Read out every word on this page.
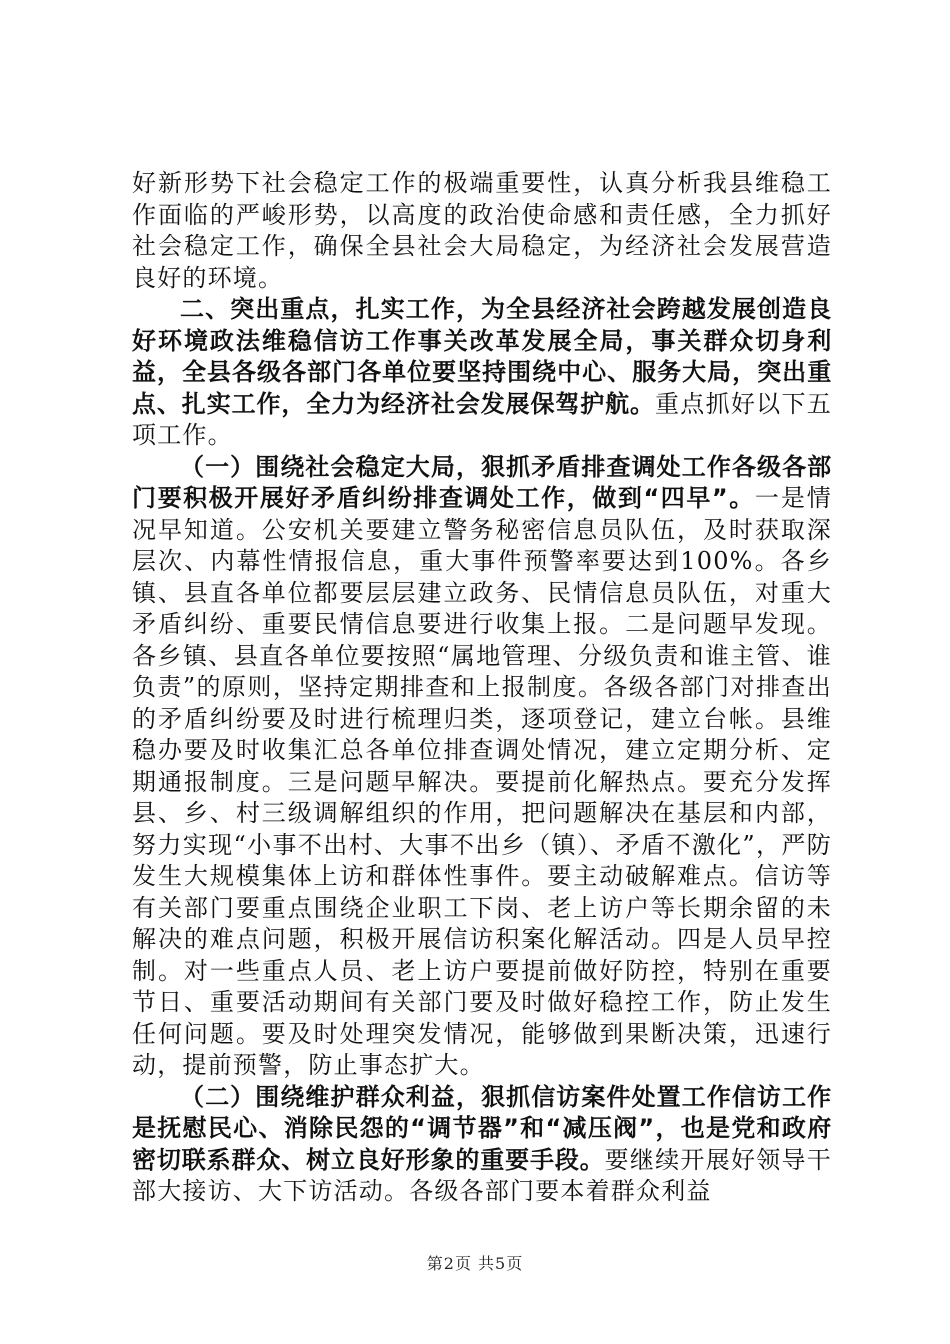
好新形势下社会稳定工作的极端重要性，认真分析我县维稳工作面临的严峻形势，以高度的政治使命感和责任感，全力抓好社会稳定工作，确保全县社会大局稳定，为经济社会发展营造良好的环境。

二、突出重点，扎实工作，为全县经济社会跨越发展创造良好环境政法维稳信访工作事关改革发展全局，事关群众切身利益，全县各级各部门各单位要坚持围绕中心、服务大局，突出重点、扎实工作，全力为经济社会发展保驾护航。重点抓好以下五项工作。

（一）围绕社会稳定大局，狠抓矛盾排查调处工作各级各部门要积极开展好矛盾纠纷排查调处工作，做到“四早”。一是情况早知道。公安机关要建立警务秘密信息员队伍，及时获取深层次、内幕性情报信息，重大事件预警率要达到100%。各乡镇、县直各单位都要层层建立政务、民情信息员队伍，对重大矛盾纠纷、重要民情信息要进行收集上报。二是问题早发现。各乡镇、县直各单位要按照“属地管理、分级负责和谁主管、谁负责”的原则，坚持定期排查和上报制度。各级各部门对排查出的矛盾纠纷要及时进行梳理归类，逐项登记，建立台帐。县维稳办要及时收集汇总各单位排查调处情况，建立定期分析、定期通报制度。三是问题早解决。要提前化解热点。要充分发挥县、乡、村三级调解组织的作用，把问题解决在基层和内部，努力实现“小事不出村、大事不出乡（镇）、矛盾不激化”，严防发生大规模集体上访和群体性事件。要主动破解难点。信访等有关部门要重点围绕企业职工下岗、老上访户等长期余留的未解决的难点问题，积极开展信访积案化解活动。四是人员早控制。对一些重点人员、老上访户要提前做好防控，特别在重要节日、重要活动期间有关部门要及时做好稳控工作，防止发生任何问题。要及时处理突发情况，能够做到果断决策，迅速行动，提前预警，防止事态扩大。

（二）围绕维护群众利益，狠抓信访案件处置工作信访工作是抚慰民心、消除民怨的“调节器”和“减压阀”，也是党和政府密切联系群众、树立良好形象的重要手段。要继续开展好领导干部大接访、大下访活动。各级各部门要本着群众利益

第2页 共5页
